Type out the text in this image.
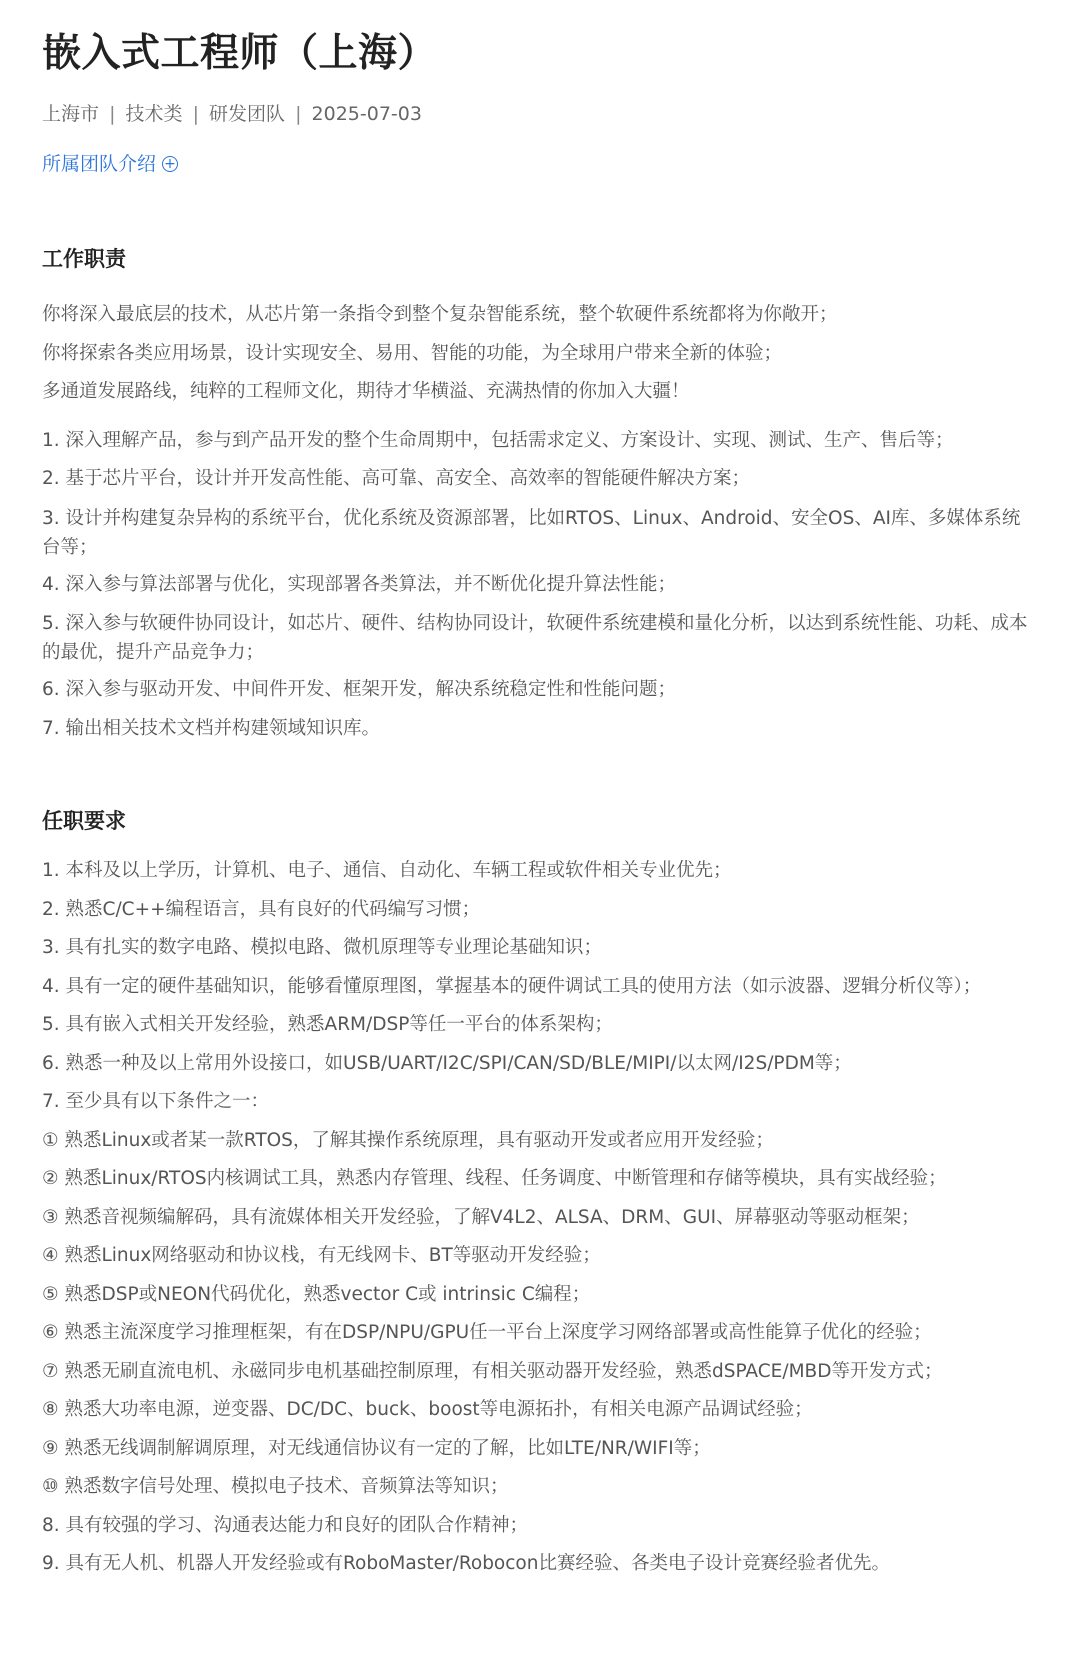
嵌入式工程师（上海）
上海市 | 技术类 | 研发团队 | 2025-07-03
所属团队介绍 +
工作职责
你将深入最底层的技术，从芯片第一条指令到整个复杂智能系统，整个软硬件系统都将为你敞开；
你将探索各类应用场景，设计实现安全、易用、智能的功能，为全球用户带来全新的体验；
多通道发展路线，纯粹的工程师文化，期待才华横溢、充满热情的你加入大疆！
1. 深入理解产品，参与到产品开发的整个生命周期中，包括需求定义、方案设计、实现、测试、生产、售后等；
2. 基于芯片平台，设计并开发高性能、高可靠、高安全、高效率的智能硬件解决方案；
3. 设计并构建复杂异构的系统平台，优化系统及资源部署，比如RTOS、Linux、Android、安全OS、AI库、多媒体系统
台等；
4. 深入参与算法部署与优化，实现部署各类算法，并不断优化提升算法性能；
5. 深入参与软硬件协同设计，如芯片、硬件、结构协同设计，软硬件系统建模和量化分析，以达到系统性能、功耗、成本
的最优，提升产品竞争力；
6. 深入参与驱动开发、中间件开发、框架开发，解决系统稳定性和性能问题；
7. 输出相关技术文档并构建领域知识库。
任职要求
1. 本科及以上学历，计算机、电子、通信、自动化、车辆工程或软件相关专业优先；
2. 熟悉C/C++编程语言，具有良好的代码编写习惯；
3. 具有扎实的数字电路、模拟电路、微机原理等专业理论基础知识；
4. 具有一定的硬件基础知识，能够看懂原理图，掌握基本的硬件调试工具的使用方法（如示波器、逻辑分析仪等）；
5. 具有嵌入式相关开发经验，熟悉ARM/DSP等任一平台的体系架构；
6. 熟悉一种及以上常用外设接口，如USB/UART/I2C/SPI/CAN/SD/BLE/MIPI/以太网/I2S/PDM等；
7. 至少具有以下条件之一：
① 熟悉Linux或者某一款RTOS，了解其操作系统原理，具有驱动开发或者应用开发经验；
② 熟悉Linux/RTOS内核调试工具，熟悉内存管理、线程、任务调度、中断管理和存储等模块，具有实战经验；
③ 熟悉音视频编解码，具有流媒体相关开发经验，了解V4L2、ALSA、DRM、GUI、屏幕驱动等驱动框架；
④ 熟悉Linux网络驱动和协议栈，有无线网卡、BT等驱动开发经验；
⑤ 熟悉DSP或NEON代码优化，熟悉vector C或 intrinsic C编程；
⑥ 熟悉主流深度学习推理框架，有在DSP/NPU/GPU任一平台上深度学习网络部署或高性能算子优化的经验；
⑦ 熟悉无刷直流电机、永磁同步电机基础控制原理，有相关驱动器开发经验，熟悉dSPACE/MBD等开发方式；
⑧ 熟悉大功率电源，逆变器、DC/DC、buck、boost等电源拓扑，有相关电源产品调试经验；
⑨ 熟悉无线调制解调原理，对无线通信协议有一定的了解，比如LTE/NR/WIFI等；
⑩ 熟悉数字信号处理、模拟电子技术、音频算法等知识；
8. 具有较强的学习、沟通表达能力和良好的团队合作精神；
9. 具有无人机、机器人开发经验或有RoboMaster/Robocon比赛经验、各类电子设计竞赛经验者优先。
